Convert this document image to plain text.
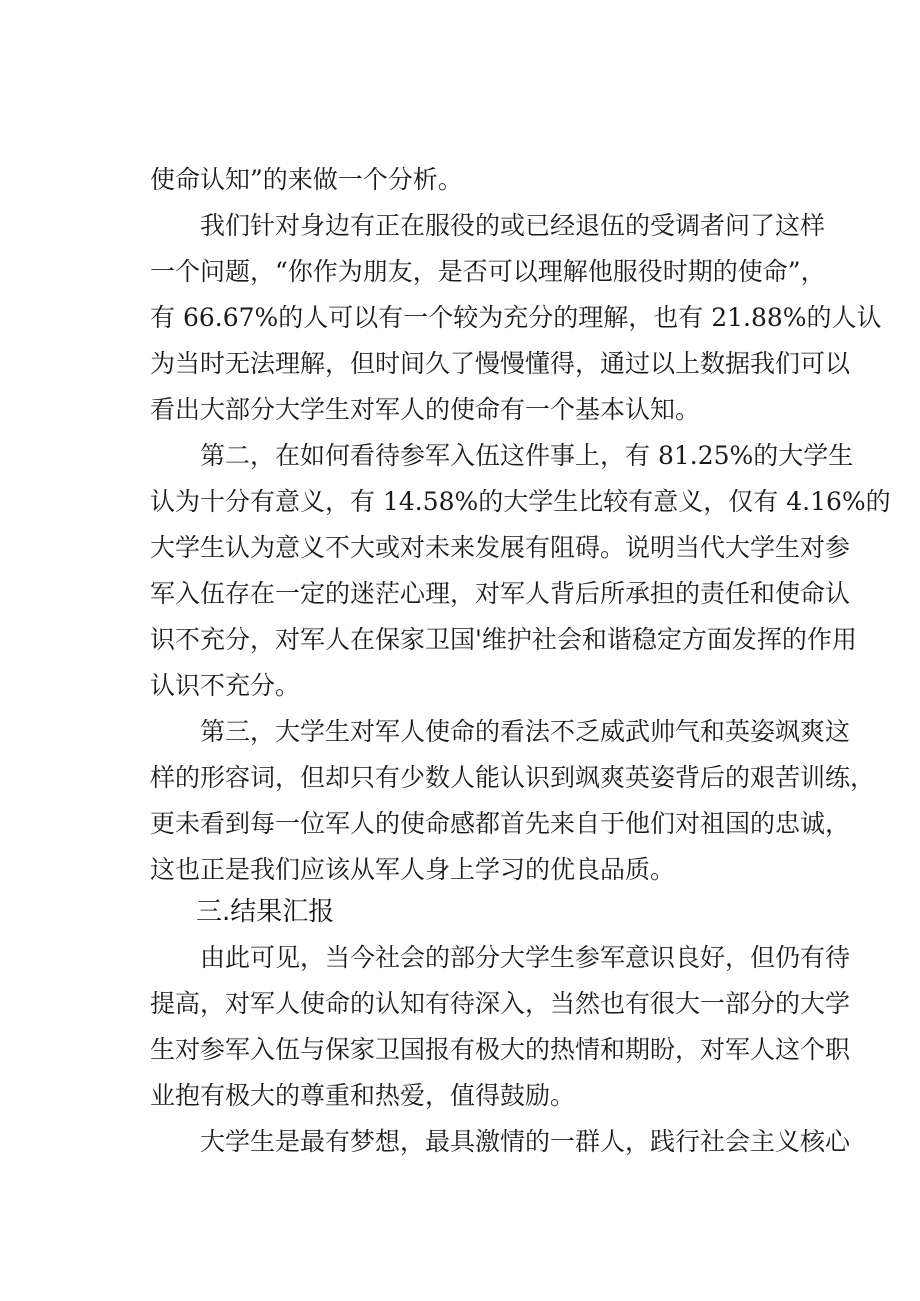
使命认知”的来做一个分析。

我们针对身边有正在服役的或已经退伍的受调者问了这样

一个问题，“你作为朋友，是否可以理解他服役时期的使命”，

有 66.67%的人可以有一个较为充分的理解，也有 21.88%的人认

为当时无法理解，但时间久了慢慢懂得，通过以上数据我们可以

看出大部分大学生对军人的使命有一个基本认知。

第二，在如何看待参军入伍这件事上，有 81.25%的大学生

认为十分有意义，有 14.58%的大学生比较有意义，仅有 4.16%的

大学生认为意义不大或对未来发展有阻碍。说明当代大学生对参

军入伍存在一定的迷茫心理，对军人背后所承担的责任和使命认

识不充分，对军人在保家卫国'维护社会和谐稳定方面发挥的作用

认识不充分。

第三，大学生对军人使命的看法不乏威武帅气和英姿飒爽这

样的形容词，但却只有少数人能认识到飒爽英姿背后的艰苦训练，

更未看到每一位军人的使命感都首先来自于他们对祖国的忠诚，

这也正是我们应该从军人身上学习的优良品质。

三.结果汇报

由此可见，当今社会的部分大学生参军意识良好，但仍有待

提高，对军人使命的认知有待深入，当然也有很大一部分的大学

生对参军入伍与保家卫国报有极大的热情和期盼，对军人这个职

业抱有极大的尊重和热爱，值得鼓励。

大学生是最有梦想，最具激情的一群人，践行社会主义核心
